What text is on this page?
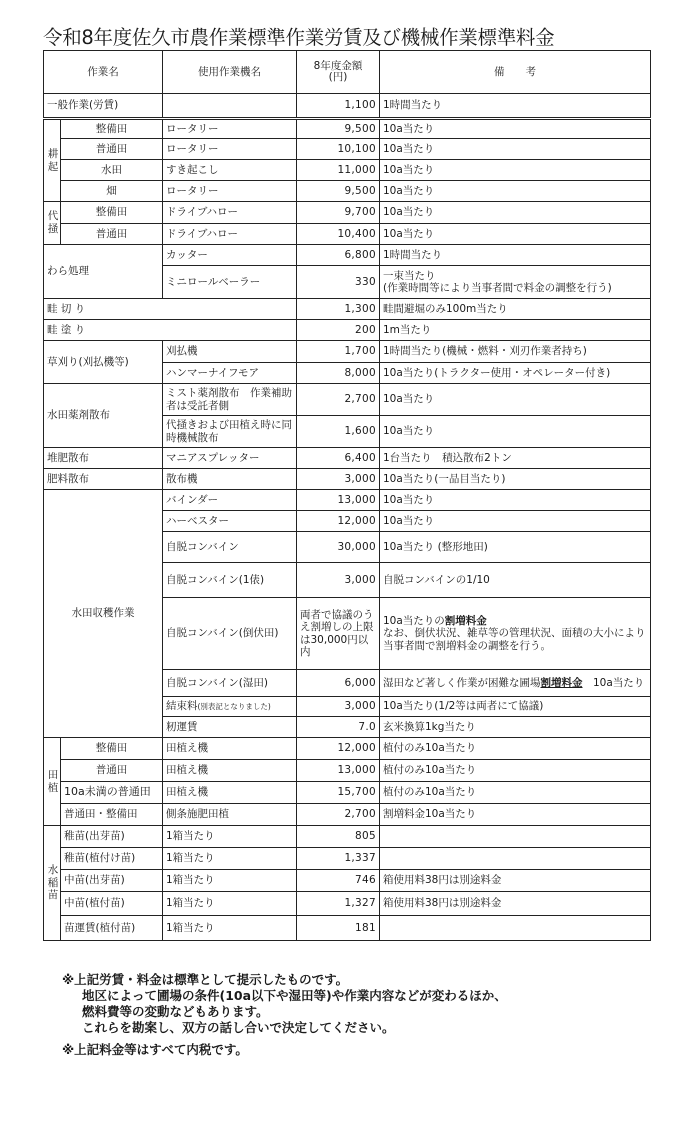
令和8年度佐久市農作業標準作業労賃及び機械作業標準料金
作業名		使用作業機名	8年度金額
(円)	備　　考
一般作業(労賃)			1,100	1時間当たり
耕起	整備田	ロータリー	9,500	10a当たり
	普通田	ロータリー	10,100	10a当たり
	水田	すき起こし	11,000	10a当たり
	畑	ロータリー	9,500	10a当たり
代掻	整備田	ドライブハロー	9,700	10a当たり
	普通田	ドライブハロー	10,400	10a当たり
わら処理		カッター	6,800	1時間当たり
		ミニロールベーラー	330	一束当たり
(作業時間等により当事者間で料金の調整を行う)

畦 切 り			1,300	畦間避堀のみ100m当たり
畦 塗 り			200	1m当たり
草刈り(刈払機等)		刈払機	1,700	1時間当たり(機械・燃料・刈刃作業者持ち)
		ハンマーナイフモア	8,000	10a当たり(トラクター使用・オペレーター付き)
水田薬剤散布		ミスト薬剤散布　作業補助者は受託者側	2,700	10a当たり
		代掻きおよび田植え時に同時機械散布	1,600	10a当たり
堆肥散布		マニアスプレッター	6,400	1台当たり　積込散布2トン
肥料散布		散布機	3,000	10a当たり(一品目当たり)
水田収穫作業		バインダー	13,000	10a当たり
		ハーベスター	12,000	10a当たり
		自脱コンバイン	30,000	10a当たり (整形地田)
		自脱コンバイン(1俵)	3,000	自脱コンバインの1/10
		自脱コンバイン(倒伏田)	両者で協議のうえ割増しの上限は30,000円以内	10a当たりの割増料金
なお、倒伏状況、雑草等の管理状況、面積の大小により当事者間で割増料金の調整を行う。

		自脱コンバイン(湿田)	6,000	湿田など著しく作業が困難な圃場割増料金　10a当たり
		結束料(別表記となりました)	3,000	10a当たり(1/2等は両者にて協議)
		籾運賃	7.0	玄米換算1kg当たり
田植	整備田	田植え機	12,000	植付のみ10a当たり
	普通田	田植え機	13,000	植付のみ10a当たり
	10a未満の普通田	田植え機	15,700	植付のみ10a当たり
	普通田・整備田	側条施肥田植	2,700	割増料金10a当たり
水稲苗	稚苗(出芽苗)	1箱当たり	805	
	稚苗(植付け苗)	1箱当たり	1,337	
	中苗(出芽苗)	1箱当たり	746	箱使用料38円は別途料金
	中苗(植付苗)	1箱当たり	1,327	箱使用料38円は別途料金
	苗運賃(植付苗)	1箱当たり	181	

※上記労賃・料金は標準として提示したものです。

地区によって圃場の条件(10a以下や湿田等)や作業内容などが変わるほか、

燃料費等の変動などもあります。

これらを勘案し、双方の話し合いで決定してください。

※上記料金等はすべて内税です。
